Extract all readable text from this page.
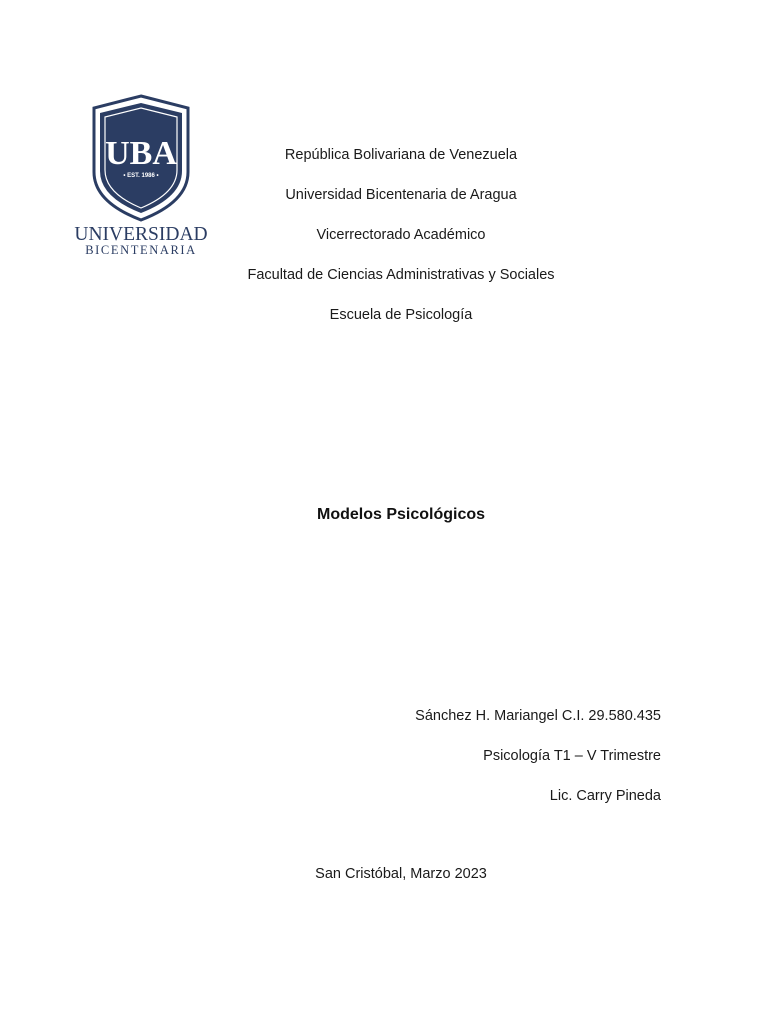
UBA
• EST. 1986 •
UNIVERSIDAD
BICENTENARIA
República Bolivariana de Venezuela
Universidad Bicentenaria de Aragua
Vicerrectorado Académico
Facultad de Ciencias Administrativas y Sociales
Escuela de Psicología
Modelos Psicológicos
Sánchez H. Mariangel C.I. 29.580.435
Psicología T1 – V Trimestre
Lic. Carry Pineda
San Cristóbal, Marzo 2023
